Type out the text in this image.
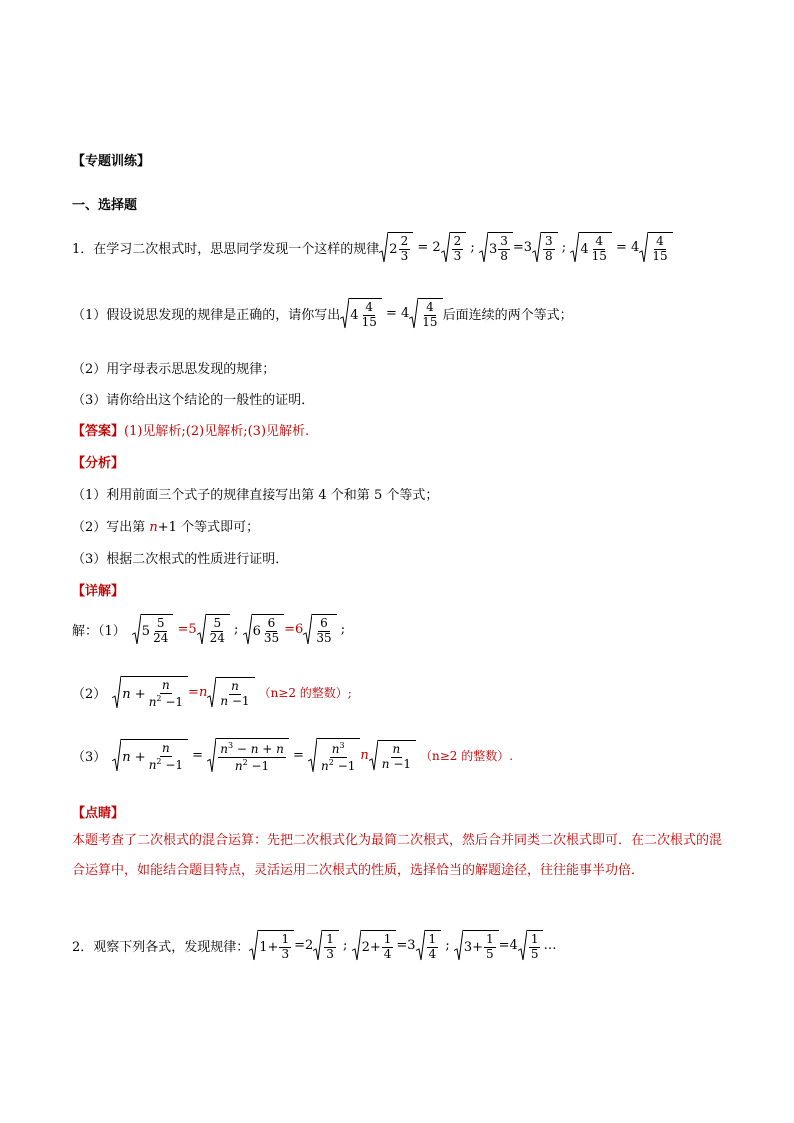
【专题训练】
一、选择题
1．在学习二次根式时，思思同学发现一个这样的规律 $2 \frac{2}{3} = 2 \frac{2}{3}$ ; $3 \frac{3}{8} =3 \frac{3}{8}$ ; $4 \frac{4}{15} = 4 \frac{4}{15}$
（1）假设说思发现的规律是正确的，请你写出 $4 \frac{4}{15} = 4 \frac{4}{15}$ 后面连续的两个等式；
（2）用字母表示思思发现的规律；
（3）请你给出这个结论的一般性的证明．
【答案】(1)见解析;(2)见解析;(3)见解析.
【分析】
（1）利用前面三个式子的规律直接写出第 4 个和第 5 个等式；
（2）写出第 n+1 个等式即可；
（3）根据二次根式的性质进行证明．
【详解】
解：（1） $5 \frac{5}{24} =5 \frac{5}{24}$ ; $6 \frac{6}{35} =6 \frac{6}{35}$ ;
（2） $n + \frac{n}{n^2 -1} =n \frac{n}{n -1} (n\ge 2$ 的整数）;
（3） $n + \frac{n}{n^2 -1} = \frac{n^3 - n + n}{n^2 -1} = \frac{n^3}{n^2 -1}$ n $\frac{n}{n -1} (n\ge 2$ 的整数）.
【点睛】
本题考查了二次根式的混合运算：先把二次根式化为最简二次根式，然后合并同类二次根式即可．在二次根式的混合运算中，如能结合题目特点，灵活运用二次根式的性质，选择恰当的解题途径，往往能事半功倍．
2．观察下列各式，发现规律： $1+ \frac{1}{3} =2 \frac{1}{3}$ ; $2+ \frac{1}{4} =3 \frac{1}{4}$ ; $3+ \frac{1}{5} =4 \frac{1}{5}$ …
